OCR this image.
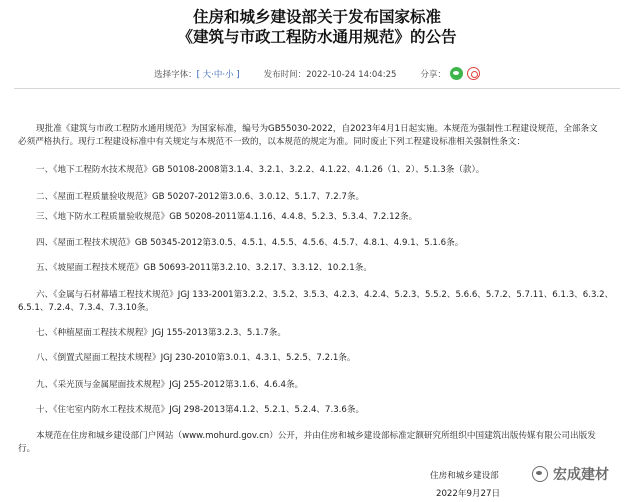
住房和城乡建设部关于发布国家标准
《建筑与市政工程防水通用规范》的公告
选择字体： [ 大·中·小 ]	发布时间：2022-10-24 14:04:25	分享：
现批准《建筑与市政工程防水通用规范》为国家标准，编号为GB55030-2022，自2023年4月1日起实施。本规范为强制性工程建设规范，全部条文
必须严格执行。现行工程建设标准中有关规定与本规范不一致的，以本规范的规定为准。同时废止下列工程建设标准相关强制性条文：
一、《地下工程防水技术规范》GB 50108-2008第3.1.4、3.2.1、3.2.2、4.1.22、4.1.26（1、2）、5.1.3条（款）。
二、《屋面工程质量验收规范》GB 50207-2012第3.0.6、3.0.12、5.1.7、7.2.7条。
三、《地下防水工程质量验收规范》GB 50208-2011第4.1.16、4.4.8、5.2.3、5.3.4、7.2.12条。
四、《屋面工程技术规范》GB 50345-2012第3.0.5、4.5.1、4.5.5、4.5.6、4.5.7、4.8.1、4.9.1、5.1.6条。
五、《坡屋面工程技术规范》GB 50693-2011第3.2.10、3.2.17、3.3.12、10.2.1条。
六、《金属与石材幕墙工程技术规范》JGJ 133-2001第3.2.2、3.5.2、3.5.3、4.2.3、4.2.4、5.2.3、5.5.2、5.6.6、5.7.2、5.7.11、6.1.3、6.3.2、
6.5.1、7.2.4、7.3.4、7.3.10条。
七、《种植屋面工程技术规程》JGJ 155-2013第3.2.3、5.1.7条。
八、《倒置式屋面工程技术规程》JGJ 230-2010第3.0.1、4.3.1、5.2.5、7.2.1条。
九、《采光顶与金属屋面技术规程》JGJ 255-2012第3.1.6、4.6.4条。
十、《住宅室内防水工程技术规范》JGJ 298-2013第4.1.2、5.2.1、5.2.4、7.3.6条。
本规范在住房和城乡建设部门户网站（www.mohurd.gov.cn）公开，并由住房和城乡建设部标准定额研究所组织中国建筑出版传媒有限公司出版发
行。
住房和城乡建设部
2022年9月27日
宏成建材
